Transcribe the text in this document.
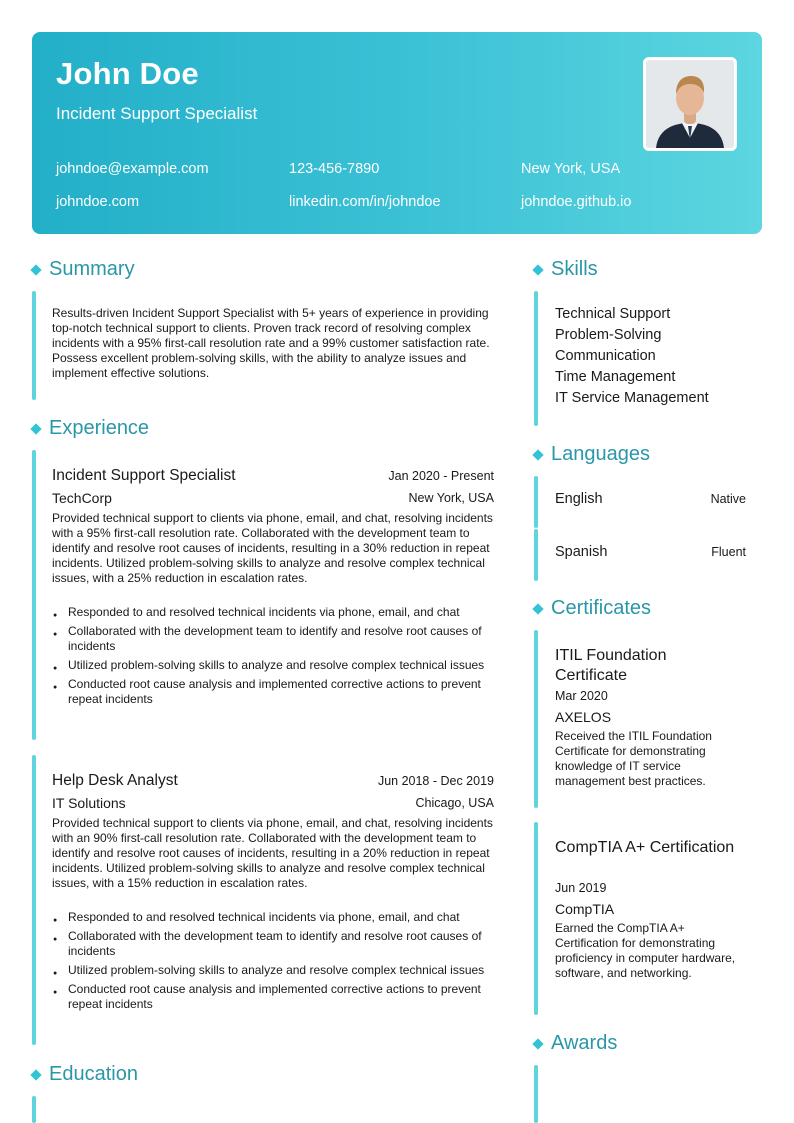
John Doe
Incident Support Specialist
johndoe@example.com	123-456-7890	New York, USA
johndoe.com	linkedin.com/in/johndoe	johndoe.github.io
Summary
Results-driven Incident Support Specialist with 5+ years of experience in providing top-notch technical support to clients. Proven track record of resolving complex incidents with a 95% first-call resolution rate and a 99% customer satisfaction rate. Possess excellent problem-solving skills, with the ability to analyze issues and implement effective solutions.
Experience
Incident Support Specialist	Jan 2020 - Present
TechCorp	New York, USA
Provided technical support to clients via phone, email, and chat, resolving incidents with a 95% first-call resolution rate. Collaborated with the development team to identify and resolve root causes of incidents, resulting in a 30% reduction in repeat incidents. Utilized problem-solving skills to analyze and resolve complex technical issues, with a 25% reduction in escalation rates.
● Responded to and resolved technical incidents via phone, email, and chat
● Collaborated with the development team to identify and resolve root causes of incidents
● Utilized problem-solving skills to analyze and resolve complex technical issues
● Conducted root cause analysis and implemented corrective actions to prevent repeat incidents
Help Desk Analyst	Jun 2018 - Dec 2019
IT Solutions	Chicago, USA
Provided technical support to clients via phone, email, and chat, resolving incidents with an 90% first-call resolution rate. Collaborated with the development team to identify and resolve root causes of incidents, resulting in a 20% reduction in repeat incidents. Utilized problem-solving skills to analyze and resolve complex technical issues, with a 15% reduction in escalation rates.
● Responded to and resolved technical incidents via phone, email, and chat
● Collaborated with the development team to identify and resolve root causes of incidents
● Utilized problem-solving skills to analyze and resolve complex technical issues
● Conducted root cause analysis and implemented corrective actions to prevent repeat incidents
Education
Skills
Technical Support
Problem-Solving
Communication
Time Management
IT Service Management
Languages
English	Native
Spanish	Fluent
Certificates
ITIL Foundation Certificate
Mar 2020
AXELOS
Received the ITIL Foundation Certificate for demonstrating knowledge of IT service management best practices.
CompTIA A+ Certification
Jun 2019
CompTIA
Earned the CompTIA A+ Certification for demonstrating proficiency in computer hardware, software, and networking.
Awards
